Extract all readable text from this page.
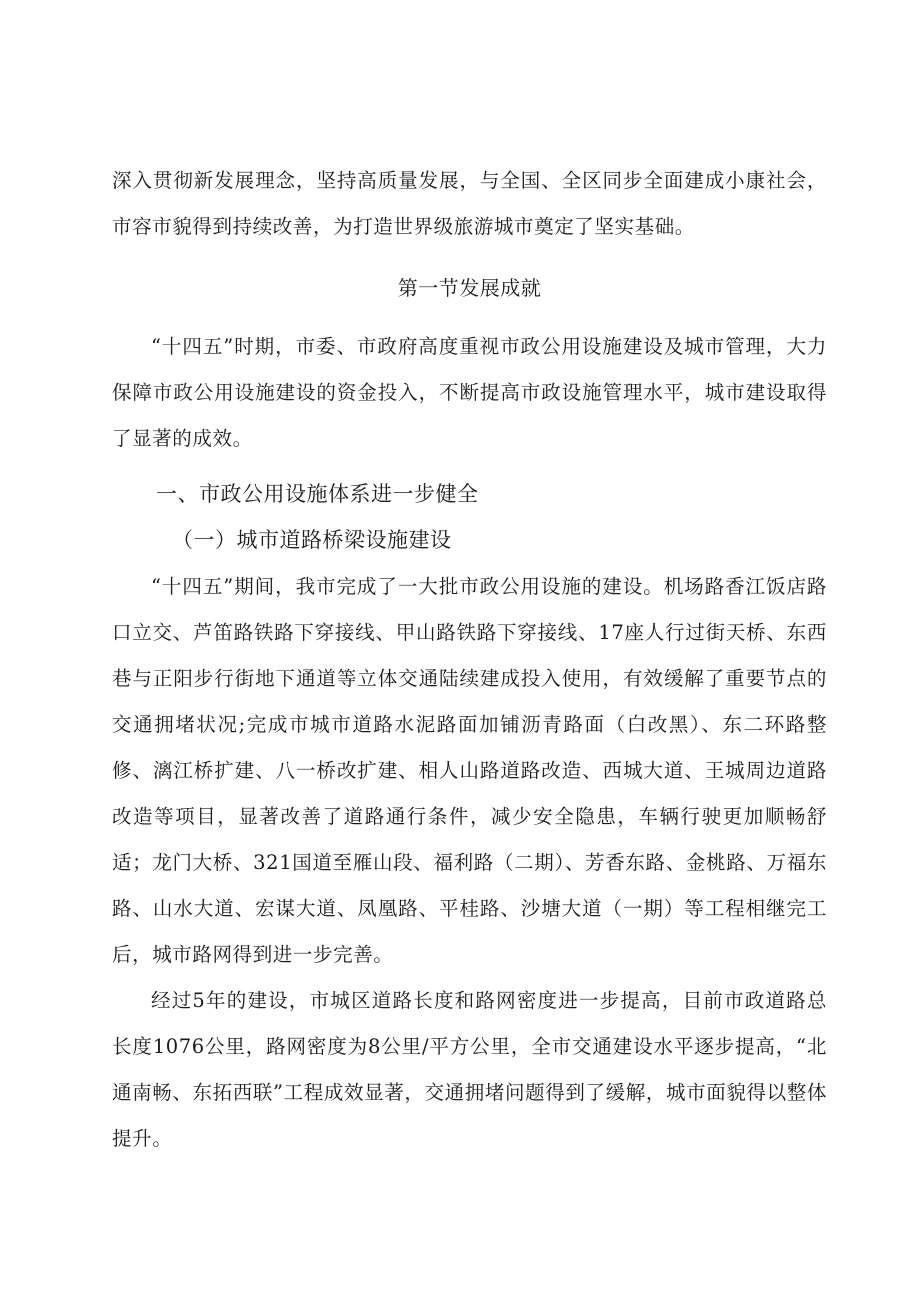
深入贯彻新发展理念，坚持高质量发展，与全国、全区同步全面建成小康社会，市容市貌得到持续改善，为打造世界级旅游城市奠定了坚实基础。

第一节发展成就

“十四五”时期，市委、市政府高度重视市政公用设施建设及城市管理，大力保障市政公用设施建设的资金投入，不断提高市政设施管理水平，城市建设取得了显著的成效。

一、市政公用设施体系进一步健全
（一）城市道路桥梁设施建设

“十四五”期间，我市完成了一大批市政公用设施的建设。机场路香江饭店路口立交、芦笛路铁路下穿接线、甲山路铁路下穿接线、17座人行过街天桥、东西巷与正阳步行街地下通道等立体交通陆续建成投入使用，有效缓解了重要节点的交通拥堵状况;完成市城市道路水泥路面加铺沥青路面（白改黑）、东二环路整修、漓江桥扩建、八一桥改扩建、相人山路道路改造、西城大道、王城周边道路改造等项目，显著改善了道路通行条件，减少安全隐患，车辆行驶更加顺畅舒适；龙门大桥、321国道至雁山段、福利路（二期）、芳香东路、金桃路、万福东路、山水大道、宏谋大道、凤凰路、平桂路、沙塘大道（一期）等工程相继完工后，城市路网得到进一步完善。

经过5年的建设，市城区道路长度和路网密度进一步提高，目前市政道路总长度1076公里，路网密度为8公里/平方公里，全市交通建设水平逐步提高，“北通南畅、东拓西联”工程成效显著，交通拥堵问题得到了缓解，城市面貌得以整体提升。
